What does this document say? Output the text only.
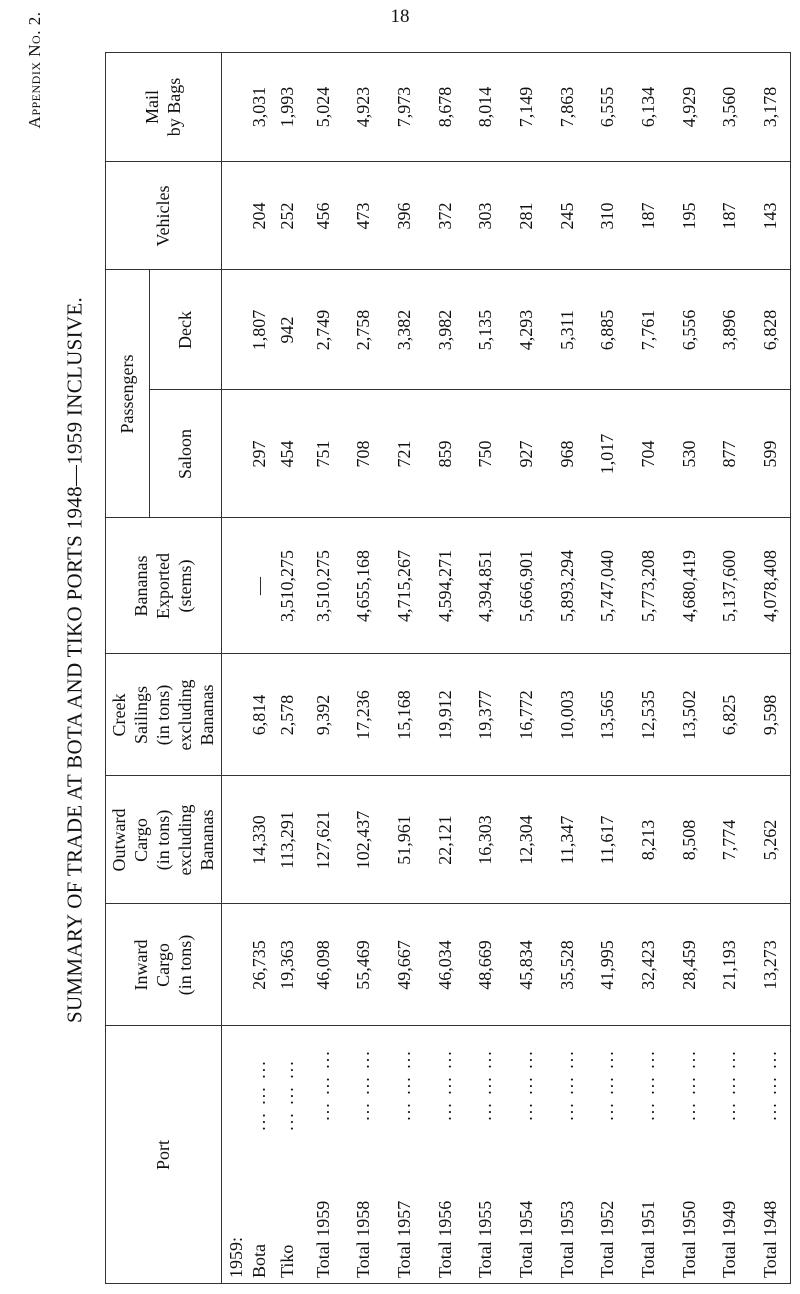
18
Appendix No. 2.
SUMMARY OF TRADE AT BOTA AND TIKO PORTS 1948—1959 INCLUSIVE.
Port
Inward Cargo (in tons)
Outward Cargo (in tons) excluding Bananas
Creek Sailings (in tons) excluding Bananas
Bananas Exported (stems)
Passengers
Saloon
Deck
Vehicles
Mail by Bags
1959: Bota
... ... ...
26,735
14,330
6,814
—
297
1,807
204
3,031
Tiko
... ... ...
19,363
113,291
2,578
3,510,275
454
942
252
1,993
Total 1959
... ... ...
46,098
127,621
9,392
3,510,275
751
2,749
456
5,024
Total 1958
... ... ...
55,469
102,437
17,236
4,655,168
708
2,758
473
4,923
Total 1957
... ... ...
49,667
51,961
15,168
4,715,267
721
3,382
396
7,973
Total 1956
... ... ...
46,034
22,121
19,912
4,594,271
859
3,982
372
8,678
Total 1955
... ... ...
48,669
16,303
19,377
4,394,851
750
5,135
303
8,014
Total 1954
... ... ...
45,834
12,304
16,772
5,666,901
927
4,293
281
7,149
Total 1953
... ... ...
35,528
11,347
10,003
5,893,294
968
5,311
245
7,863
Total 1952
... ... ...
41,995
11,617
13,565
5,747,040
1,017
6,885
310
6,555
Total 1951
... ... ...
32,423
8,213
12,535
5,773,208
704
7,761
187
6,134
Total 1950
... ... ...
28,459
8,508
13,502
4,680,419
530
6,556
195
4,929
Total 1949
... ... ...
21,193
7,774
6,825
5,137,600
877
3,896
187
3,560
Total 1948
... ... ...
13,273
5,262
9,598
4,078,408
599
6,828
143
3,178
